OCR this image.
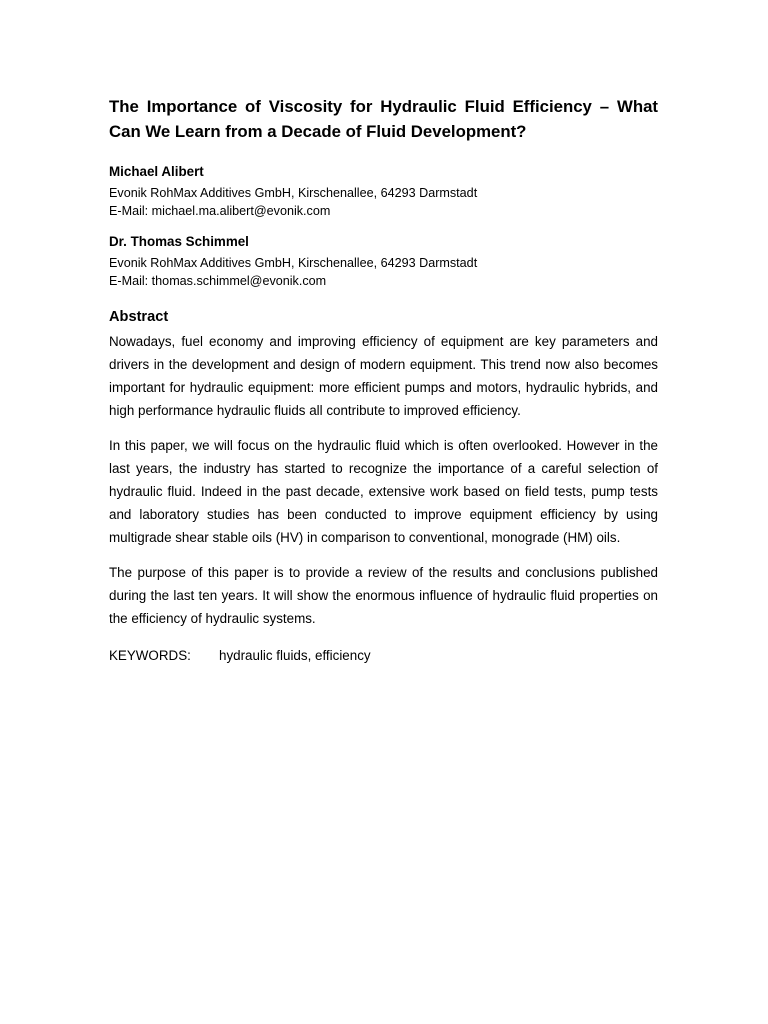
The Importance of Viscosity for Hydraulic Fluid Efficiency – What Can We Learn from a Decade of Fluid Development?

Michael Alibert

Evonik RohMax Additives GmbH, Kirschenallee, 64293 Darmstadt
E-Mail: michael.ma.alibert@evonik.com

Dr. Thomas Schimmel

Evonik RohMax Additives GmbH, Kirschenallee, 64293 Darmstadt
E-Mail: thomas.schimmel@evonik.com

Abstract

Nowadays, fuel economy and improving efficiency of equipment are key parameters and drivers in the development and design of modern equipment. This trend now also becomes important for hydraulic equipment: more efficient pumps and motors, hydraulic hybrids, and high performance hydraulic fluids all contribute to improved efficiency.

In this paper, we will focus on the hydraulic fluid which is often overlooked. However in the last years, the industry has started to recognize the importance of a careful selection of hydraulic fluid. Indeed in the past decade, extensive work based on field tests, pump tests and laboratory studies has been conducted to improve equipment efficiency by using multigrade shear stable oils (HV) in comparison to conventional, monograde (HM) oils.

The purpose of this paper is to provide a review of the results and conclusions published during the last ten years. It will show the enormous influence of hydraulic fluid properties on the efficiency of hydraulic systems.

KEYWORDS: hydraulic fluids, efficiency
